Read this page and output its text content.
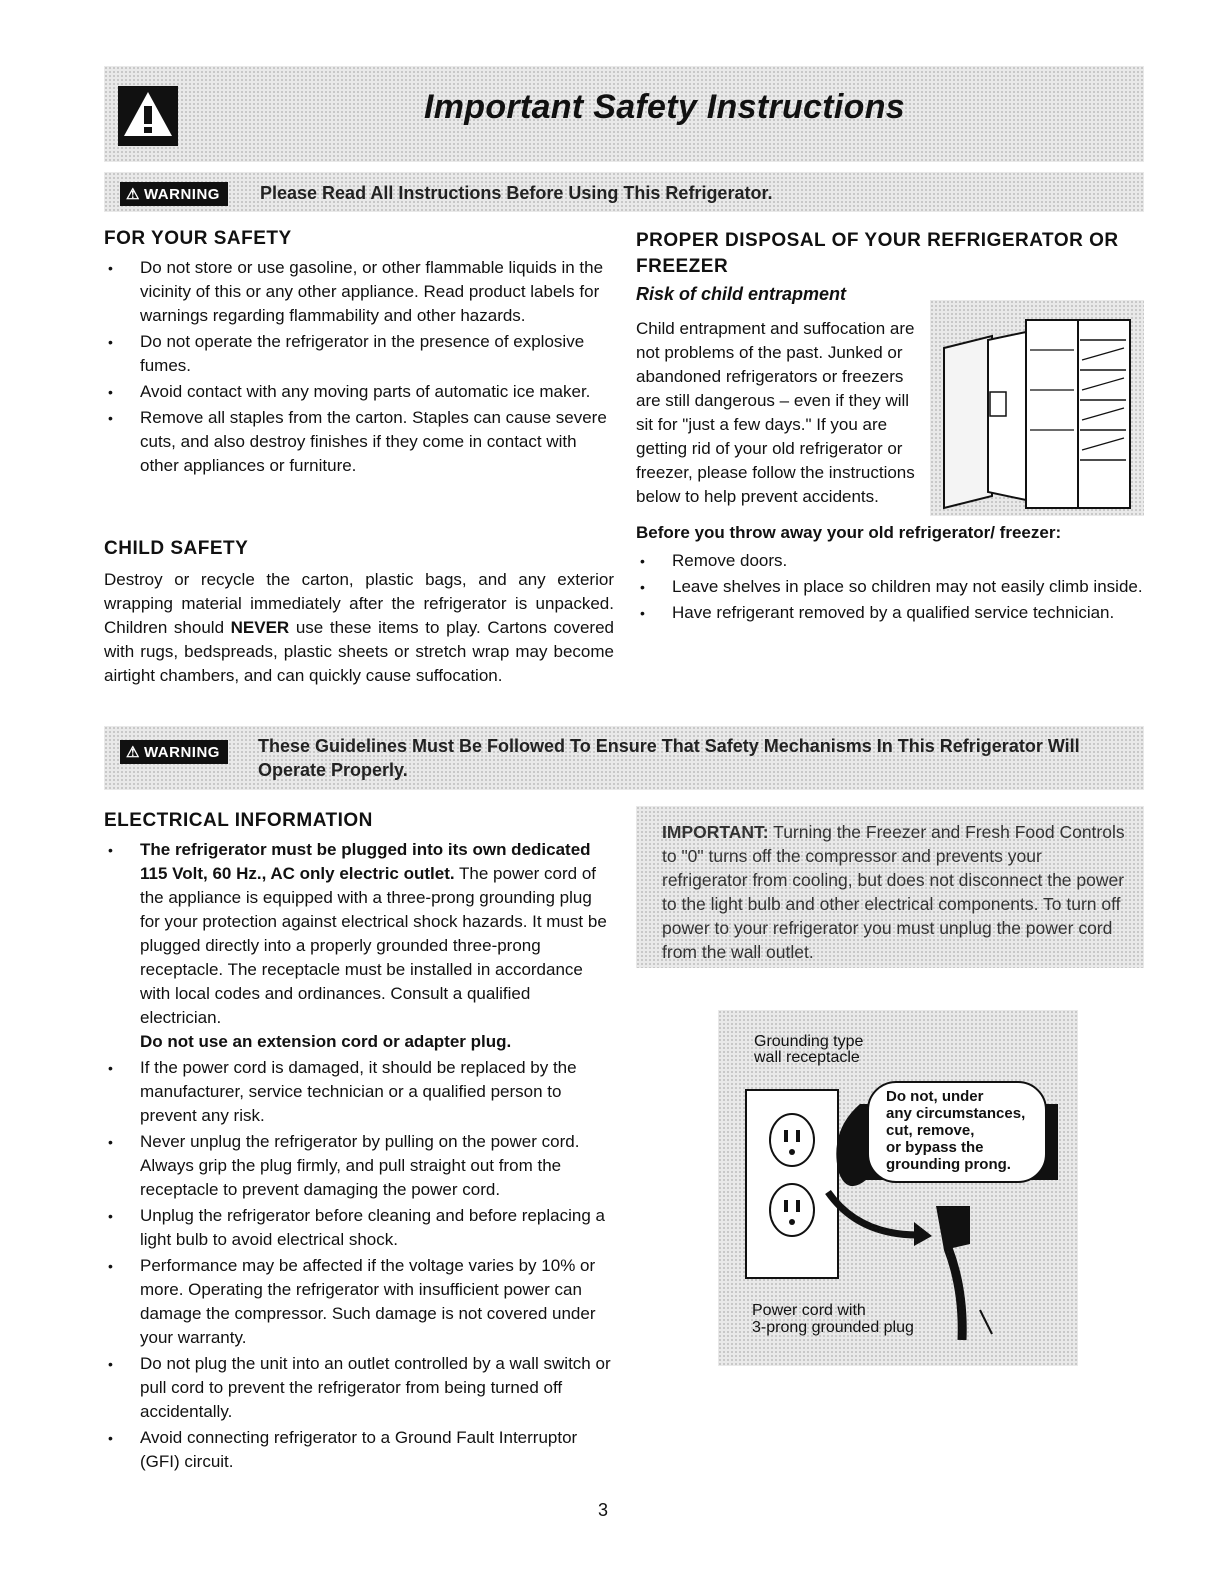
Important Safety Instructions
⚠ WARNING	Please Read All Instructions Before Using This Refrigerator.
FOR YOUR SAFETY
• Do not store or use gasoline, or other flammable liquids in the vicinity of this or any other appliance. Read product labels for warnings regarding flammability and other hazards.
• Do not operate the refrigerator in the presence of explosive fumes.
• Avoid contact with any moving parts of automatic ice maker.
• Remove all staples from the carton. Staples can cause severe cuts, and also destroy finishes if they come in contact with other appliances or furniture.
CHILD SAFETY

Destroy or recycle the carton, plastic bags, and any exterior wrapping material immediately after the refrigerator is unpacked. Children should NEVER use these items to play. Cartons covered with rugs, bedspreads, plastic sheets or stretch wrap may become airtight chambers, and can quickly cause suffocation.

PROPER DISPOSAL OF YOUR REFRIGERATOR OR FREEZER
Risk of child entrapment

Child entrapment and suffocation are not problems of the past. Junked or abandoned refrigerators or freezers are still dangerous – even if they will sit for "just a few days." If you are getting rid of your old refrigerator or freezer, please follow the instructions below to help prevent accidents.

Before you throw away your old refrigerator/ freezer:
• Remove doors.
• Leave shelves in place so children may not easily climb inside.
• Have refrigerant removed by a qualified service technician.
⚠ WARNING	These Guidelines Must Be Followed To Ensure That Safety Mechanisms In This Refrigerator Will Operate Properly.
ELECTRICAL INFORMATION
• The refrigerator must be plugged into its own dedicated 115 Volt, 60 Hz., AC only electric outlet. The power cord of the appliance is equipped with a three-prong grounding plug for your protection against electrical shock hazards. It must be plugged directly into a properly grounded three-prong receptacle. The receptacle must be installed in accordance with local codes and ordinances. Consult a qualified electrician.
Do not use an extension cord or adapter plug.
• If the power cord is damaged, it should be replaced by the manufacturer, service technician or a qualified person to prevent any risk.
• Never unplug the refrigerator by pulling on the power cord. Always grip the plug firmly, and pull straight out from the receptacle to prevent damaging the power cord.
• Unplug the refrigerator before cleaning and before replacing a light bulb to avoid electrical shock.
• Performance may be affected if the voltage varies by 10% or more. Operating the refrigerator with insufficient power can damage the compressor. Such damage is not covered under your warranty.
• Do not plug the unit into an outlet controlled by a wall switch or pull cord to prevent the refrigerator from being turned off accidentally.
• Avoid connecting refrigerator to a Ground Fault Interruptor (GFI) circuit.

IMPORTANT: Turning the Freezer and Fresh Food Controls to "0" turns off the compressor and prevents your refrigerator from cooling, but does not disconnect the power to the light bulb and other electrical components. To turn off power to your refrigerator you must unplug the power cord from the wall outlet.

Grounding type
wall receptacle
Do not, under
any circumstances,
cut, remove,
or bypass the
grounding prong.
Power cord with
3-prong grounded plug
3
